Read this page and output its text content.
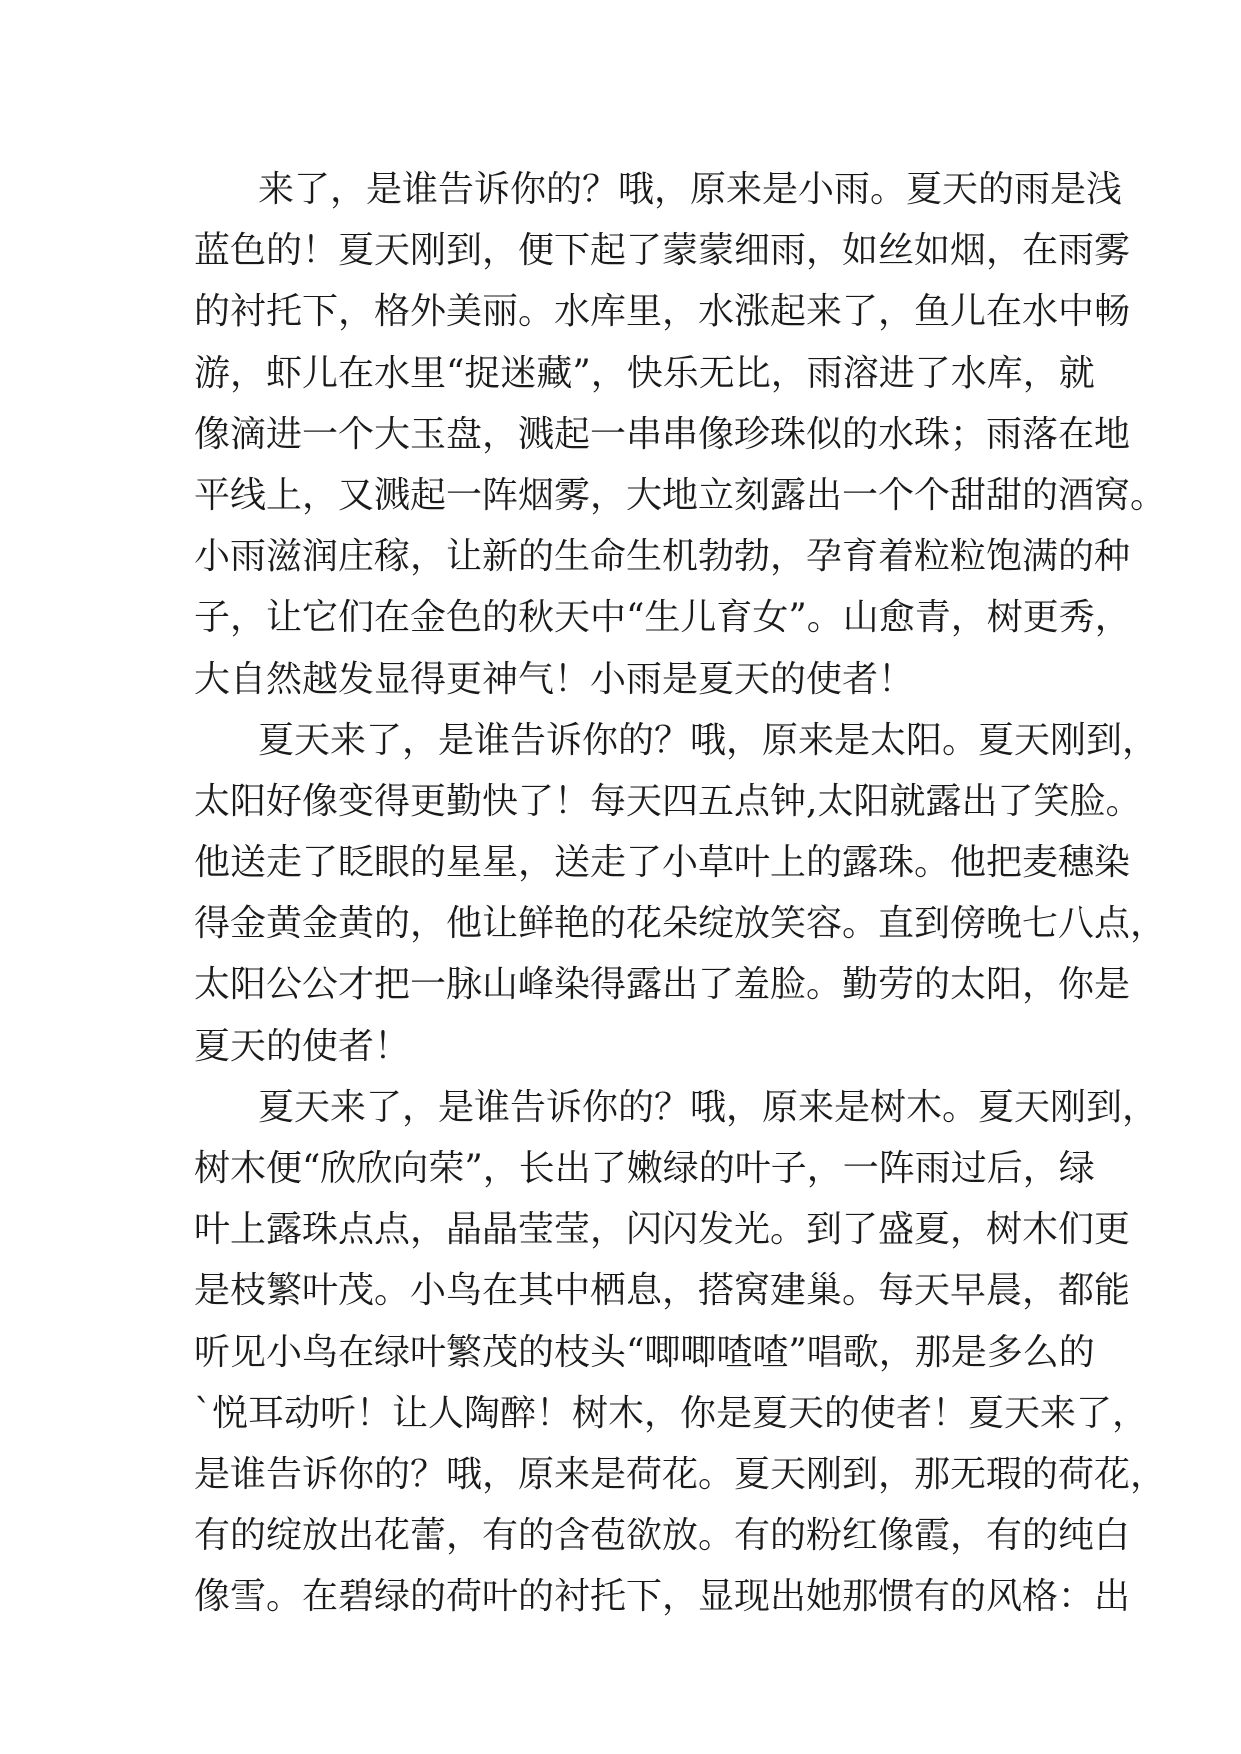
来了，是谁告诉你的？哦，原来是小雨。夏天的雨是浅
蓝色的！夏天刚到，便下起了蒙蒙细雨，如丝如烟，在雨雾
的衬托下，格外美丽。水库里，水涨起来了，鱼儿在水中畅
游，虾儿在水里“捉迷藏”，快乐无比，雨溶进了水库，就
像滴进一个大玉盘，溅起一串串像珍珠似的水珠；雨落在地
平线上，又溅起一阵烟雾，大地立刻露出一个个甜甜的酒窝。
小雨滋润庄稼，让新的生命生机勃勃，孕育着粒粒饱满的种
子，让它们在金色的秋天中“生儿育女”。山愈青，树更秀，
大自然越发显得更神气！小雨是夏天的使者！
夏天来了，是谁告诉你的？哦，原来是太阳。夏天刚到，
太阳好像变得更勤快了！每天四五点钟,太阳就露出了笑脸。
他送走了眨眼的星星，送走了小草叶上的露珠。他把麦穗染
得金黄金黄的，他让鲜艳的花朵绽放笑容。直到傍晚七八点，
太阳公公才把一脉山峰染得露出了羞脸。勤劳的太阳，你是
夏天的使者！
夏天来了，是谁告诉你的？哦，原来是树木。夏天刚到，
树木便“欣欣向荣”，长出了嫩绿的叶子，一阵雨过后，绿
叶上露珠点点，晶晶莹莹，闪闪发光。到了盛夏，树木们更
是枝繁叶茂。小鸟在其中栖息，搭窝建巢。每天早晨，都能
听见小鸟在绿叶繁茂的枝头“唧唧喳喳”唱歌，那是多么的
`悦耳动听！让人陶醉！树木，你是夏天的使者！夏天来了，
是谁告诉你的？哦，原来是荷花。夏天刚到，那无瑕的荷花，
有的绽放出花蕾，有的含苞欲放。有的粉红像霞，有的纯白
像雪。在碧绿的荷叶的衬托下，显现出她那惯有的风格：出
